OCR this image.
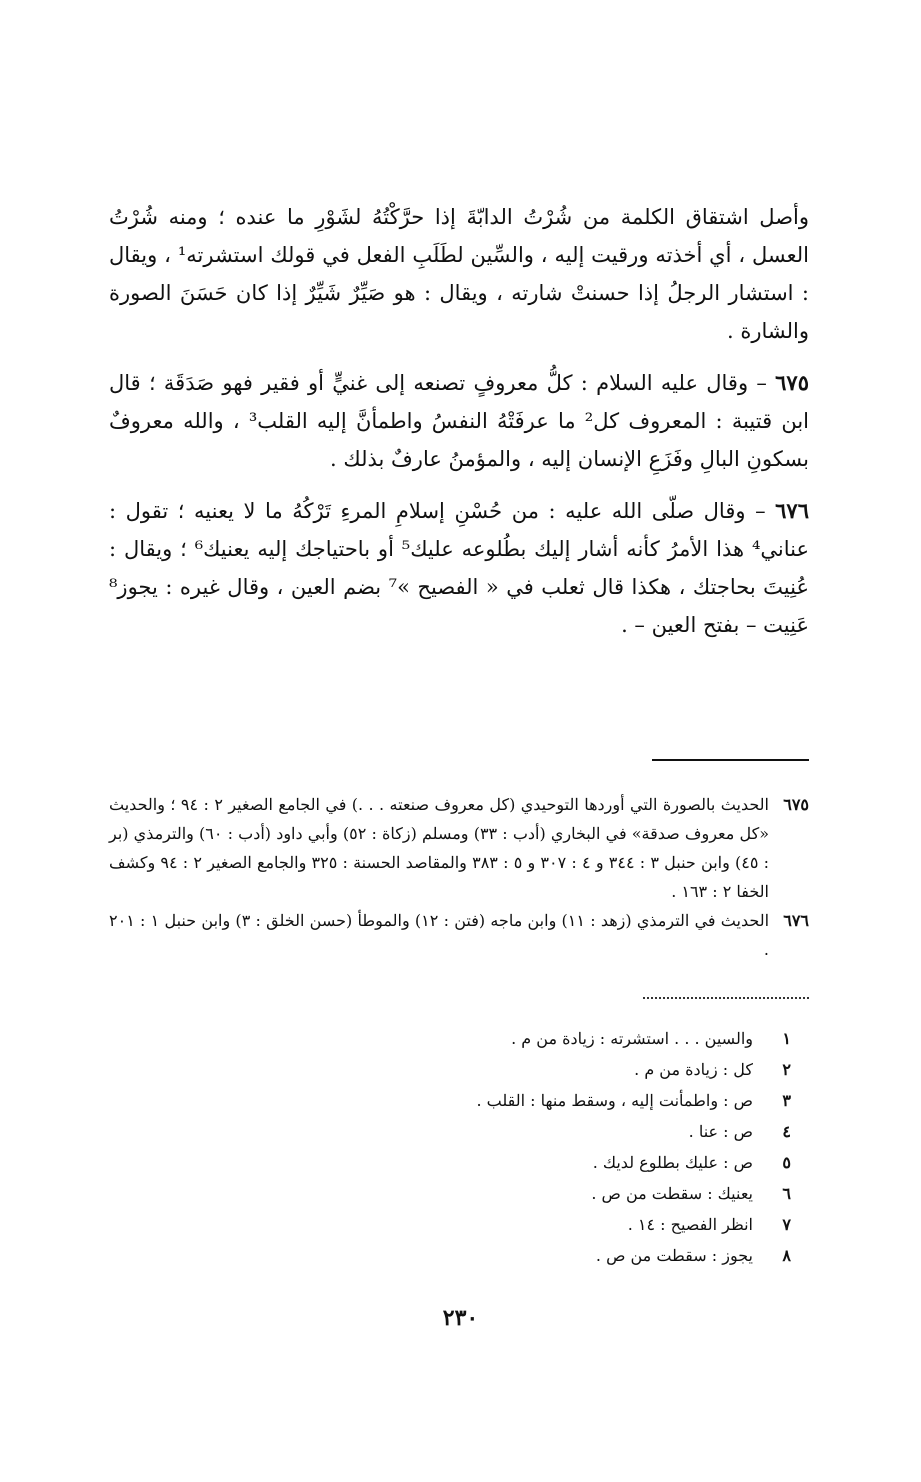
وأصل اشتقاق الكلمة من شُرْتُ الدابّةَ إذا حرَّكْتُهُ لشَوْرِ ما عنده ؛ ومنه شُرْتُ العسل ، أي أخذته ورقيت إليه ، والسِّين لطَلَبِ الفعل في قولك استشرته¹ ، ويقال : استشار الرجلُ إذا حسنتْ شارته ، ويقال : هو صَيِّرٌ شَيِّرٌ إذا كان حَسَنَ الصورة والشارة .

٦٧٥ – وقال عليه السلام : كلُّ معروفٍ تصنعه إلى غنيٍّ أو فقير فهو صَدَقَة ؛ قال ابن قتيبة : المعروف كل² ما عرفَتْهُ النفسُ واطمأنَّ إليه القلب³ ، والله معروفٌ بسكونِ البالِ وفَزَعِ الإنسان إليه ، والمؤمنُ عارفٌ بذلك .

٦٧٦ – وقال صلّى الله عليه : من حُسْنِ إسلامِ المرءِ تَرْكُهُ ما لا يعنيه ؛ تقول : عناني⁴ هذا الأمرُ كأنه أشار إليك بطُلوعه عليك⁵ أو باحتياجك إليه يعنيك⁶ ؛ ويقال : عُنِيتَ بحاجتك ، هكذا قال ثعلب في « الفصيح »⁷ بضم العين ، وقال غيره : يجوز⁸ عَنِيت – بفتح العين – .

٦٧٥
الحديث بالصورة التي أوردها التوحيدي (كل معروف صنعته . . .) في الجامع الصغير ٢ : ٩٤ ؛ والحديث «كل معروف صدقة» في البخاري (أدب : ٣٣) ومسلم (زكاة : ٥٢) وأبي داود (أدب : ٦٠) والترمذي (بر : ٤٥) وابن حنبل ٣ : ٣٤٤ و ٤ : ٣٠٧ و ٥ : ٣٨٣ والمقاصد الحسنة : ٣٢٥ والجامع الصغير ٢ : ٩٤ وكشف الخفا ٢ : ١٦٣ .
٦٧٦
الحديث في الترمذي (زهد : ١١) وابن ماجه (فتن : ١٢) والموطأ (حسن الخلق : ٣) وابن حنبل ١ : ٢٠١ .
١
والسين . . . استشرته : زيادة من م .
٢
كل : زيادة من م .
٣
ص : واطمأنت إليه ، وسقط منها : القلب .
٤
ص : عنا .
٥
ص : عليك بطلوع لديك .
٦
يعنيك : سقطت من ص .
٧
انظر الفصيح : ١٤ .
٨
يجوز : سقطت من ص .
٢٣٠
